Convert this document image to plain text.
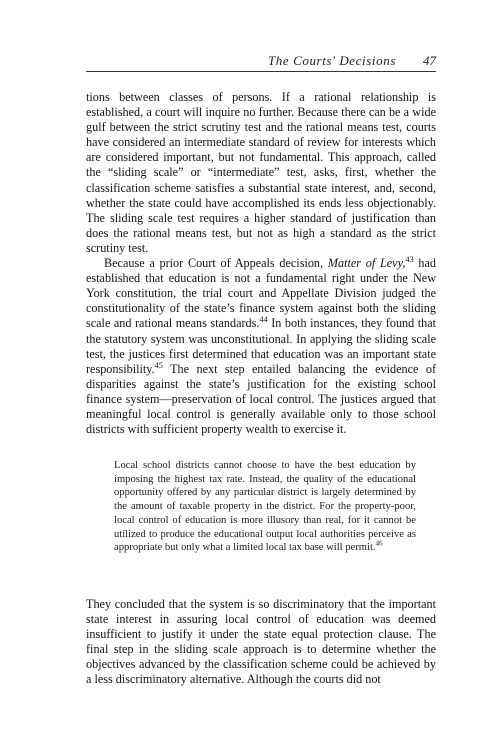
The Courts' Decisions 47

tions between classes of persons. If a rational relationship is established, a court will inquire no further. Because there can be a wide gulf between the strict scrutiny test and the rational means test, courts have considered an intermediate standard of review for interests which are considered important, but not fundamental. This approach, called the “sliding scale” or “intermediate” test, asks, first, whether the classification scheme satisfies a substantial state interest, and, second, whether the state could have accomplished its ends less objectionably. The sliding scale test requires a higher standard of justification than does the rational means test, but not as high a standard as the strict scrutiny test.

Because a prior Court of Appeals decision, Matter of Levy,$^{43}$ had established that education is not a fundamental right under the New York constitution, the trial court and Appellate Division judged the constitutionality of the state’s finance system against both the sliding scale and rational means standards.$^{44}$ In both instances, they found that the statutory system was unconstitutional. In applying the sliding scale test, the justices first determined that education was an important state responsibility.$^{45}$ The next step entailed balancing the evidence of disparities against the state’s justification for the existing school finance system—preservation of local control. The justices argued that meaningful local control is generally available only to those school districts with sufficient property wealth to exercise it.

Local school districts cannot choose to have the best education by imposing the highest tax rate. Instead, the quality of the educational opportunity offered by any particular district is largely determined by the amount of taxable property in the district. For the property-poor, local control of education is more illusory than real, for it cannot be utilized to produce the educational output local authorities perceive as appropriate but only what a limited local tax base will permit.$^{46}$

They concluded that the system is so discriminatory that the important state interest in assuring local control of education was deemed insufficient to justify it under the state equal protection clause. The final step in the sliding scale approach is to determine whether the objectives advanced by the classification scheme could be achieved by a less discriminatory alternative. Although the courts did not
